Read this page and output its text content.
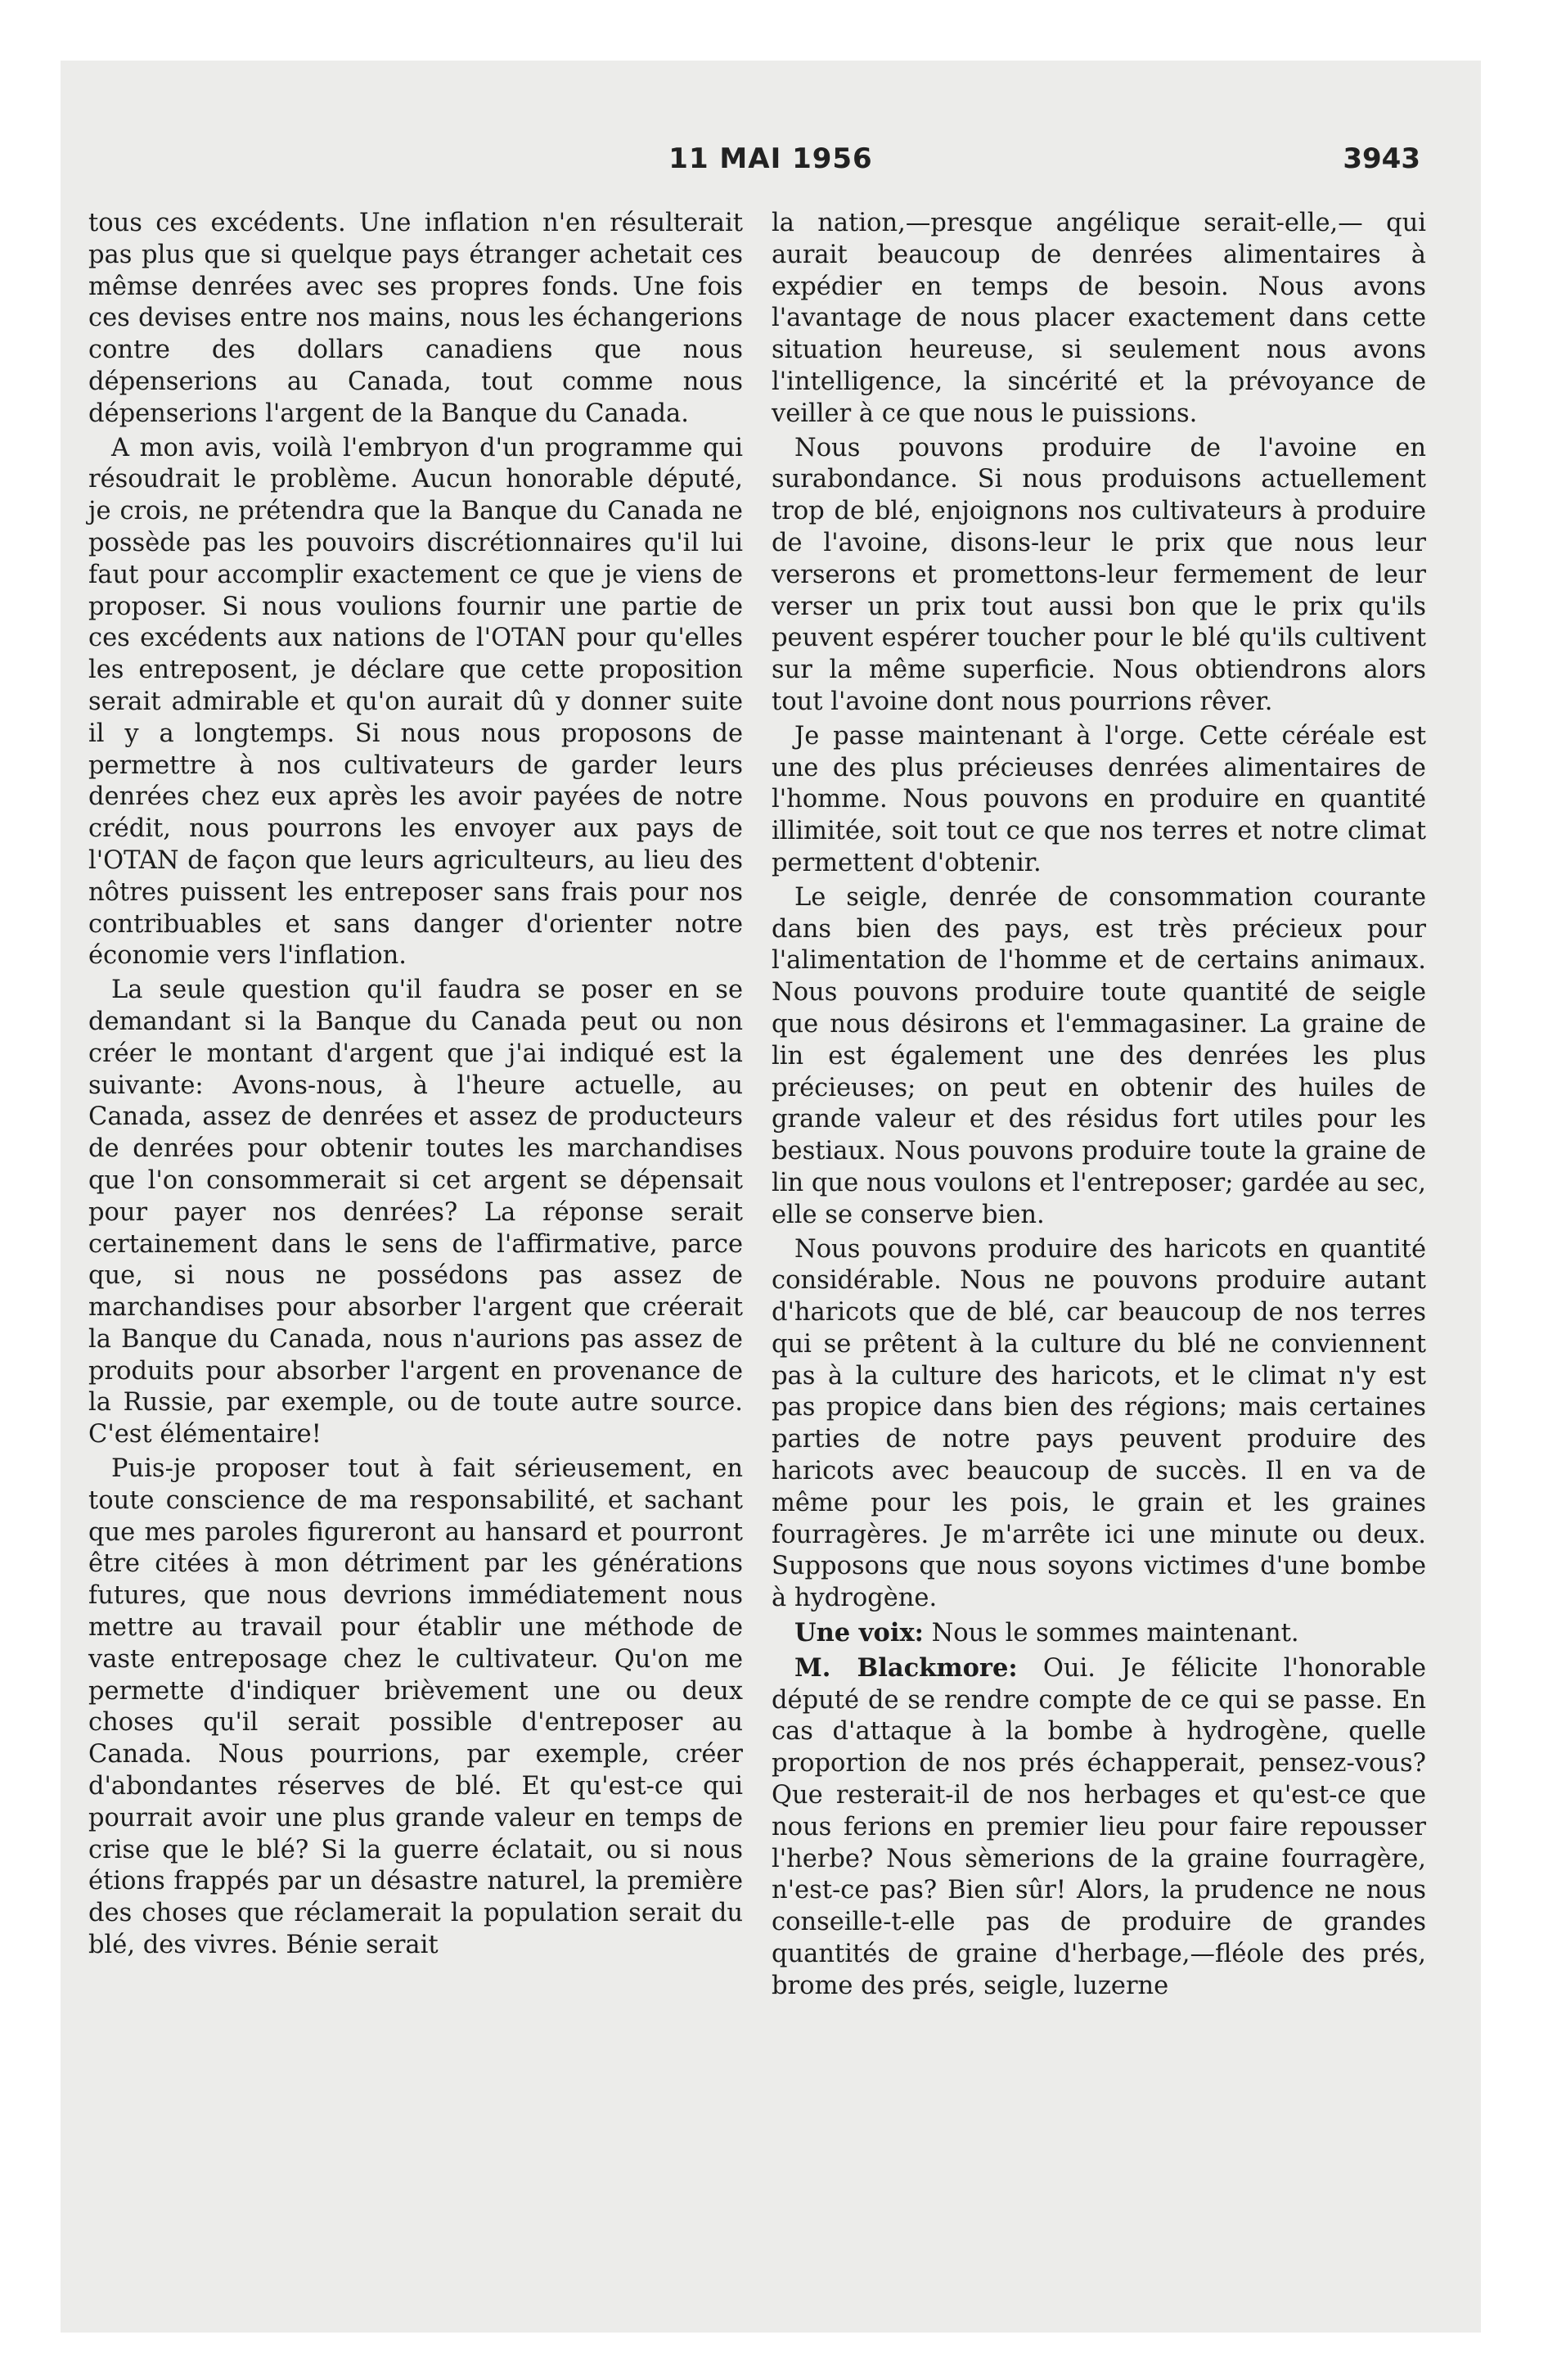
11 MAI 1956	3943

tous ces excédents. Une inflation n'en résulterait pas plus que si quelque pays étranger achetait ces mêmse denrées avec ses propres fonds. Une fois ces devises entre nos mains, nous les échangerions contre des dollars canadiens que nous dépenserions au Canada, tout comme nous dépenserions l'argent de la Banque du Canada.

A mon avis, voilà l'embryon d'un programme qui résoudrait le problème. Aucun honorable député, je crois, ne prétendra que la Banque du Canada ne possède pas les pouvoirs discrétionnaires qu'il lui faut pour accomplir exactement ce que je viens de proposer. Si nous voulions fournir une partie de ces excédents aux nations de l'OTAN pour qu'elles les entreposent, je déclare que cette proposition serait admirable et qu'on aurait dû y donner suite il y a longtemps. Si nous nous proposons de permettre à nos cultivateurs de garder leurs denrées chez eux après les avoir payées de notre crédit, nous pourrons les envoyer aux pays de l'OTAN de façon que leurs agriculteurs, au lieu des nôtres puissent les entreposer sans frais pour nos contribuables et sans danger d'orienter notre économie vers l'inflation.

La seule question qu'il faudra se poser en se demandant si la Banque du Canada peut ou non créer le montant d'argent que j'ai indiqué est la suivante: Avons-nous, à l'heure actuelle, au Canada, assez de denrées et assez de producteurs de denrées pour obtenir toutes les marchandises que l'on consommerait si cet argent se dépensait pour payer nos denrées? La réponse serait certainement dans le sens de l'affirmative, parce que, si nous ne possédons pas assez de marchandises pour absorber l'argent que créerait la Banque du Canada, nous n'aurions pas assez de produits pour absorber l'argent en provenance de la Russie, par exemple, ou de toute autre source. C'est élémentaire!

Puis-je proposer tout à fait sérieusement, en toute conscience de ma responsabilité, et sachant que mes paroles figureront au hansard et pourront être citées à mon détriment par les générations futures, que nous devrions immédiatement nous mettre au travail pour établir une méthode de vaste entreposage chez le cultivateur. Qu'on me permette d'indiquer brièvement une ou deux choses qu'il serait possible d'entreposer au Canada. Nous pourrions, par exemple, créer d'abondantes réserves de blé. Et qu'est-ce qui pourrait avoir une plus grande valeur en temps de crise que le blé? Si la guerre éclatait, ou si nous étions frappés par un désastre naturel, la première des choses que réclamerait la population serait du blé, des vivres. Bénie serait

la nation,—presque angélique serait-elle,— qui aurait beaucoup de denrées alimentaires à expédier en temps de besoin. Nous avons l'avantage de nous placer exactement dans cette situation heureuse, si seulement nous avons l'intelligence, la sincérité et la prévoyance de veiller à ce que nous le puissions.

Nous pouvons produire de l'avoine en surabondance. Si nous produisons actuellement trop de blé, enjoignons nos cultivateurs à produire de l'avoine, disons-leur le prix que nous leur verserons et promettons-leur fermement de leur verser un prix tout aussi bon que le prix qu'ils peuvent espérer toucher pour le blé qu'ils cultivent sur la même superficie. Nous obtiendrons alors tout l'avoine dont nous pourrions rêver.

Je passe maintenant à l'orge. Cette céréale est une des plus précieuses denrées alimentaires de l'homme. Nous pouvons en produire en quantité illimitée, soit tout ce que nos terres et notre climat permettent d'obtenir.

Le seigle, denrée de consommation courante dans bien des pays, est très précieux pour l'alimentation de l'homme et de certains animaux. Nous pouvons produire toute quantité de seigle que nous désirons et l'emmagasiner. La graine de lin est également une des denrées les plus précieuses; on peut en obtenir des huiles de grande valeur et des résidus fort utiles pour les bestiaux. Nous pouvons produire toute la graine de lin que nous voulons et l'entreposer; gardée au sec, elle se conserve bien.

Nous pouvons produire des haricots en quantité considérable. Nous ne pouvons produire autant d'haricots que de blé, car beaucoup de nos terres qui se prêtent à la culture du blé ne conviennent pas à la culture des haricots, et le climat n'y est pas propice dans bien des régions; mais certaines parties de notre pays peuvent produire des haricots avec beaucoup de succès. Il en va de même pour les pois, le grain et les graines fourragères. Je m'arrête ici une minute ou deux. Supposons que nous soyons victimes d'une bombe à hydrogène.

Une voix: Nous le sommes maintenant.

M. Blackmore: Oui. Je félicite l'honorable député de se rendre compte de ce qui se passe. En cas d'attaque à la bombe à hydrogène, quelle proportion de nos prés échapperait, pensez-vous? Que resterait-il de nos herbages et qu'est-ce que nous ferions en premier lieu pour faire repousser l'herbe? Nous sèmerions de la graine fourragère, n'est-ce pas? Bien sûr! Alors, la prudence ne nous conseille-t-elle pas de produire de grandes quantités de graine d'herbage,—fléole des prés, brome des prés, seigle, luzerne
